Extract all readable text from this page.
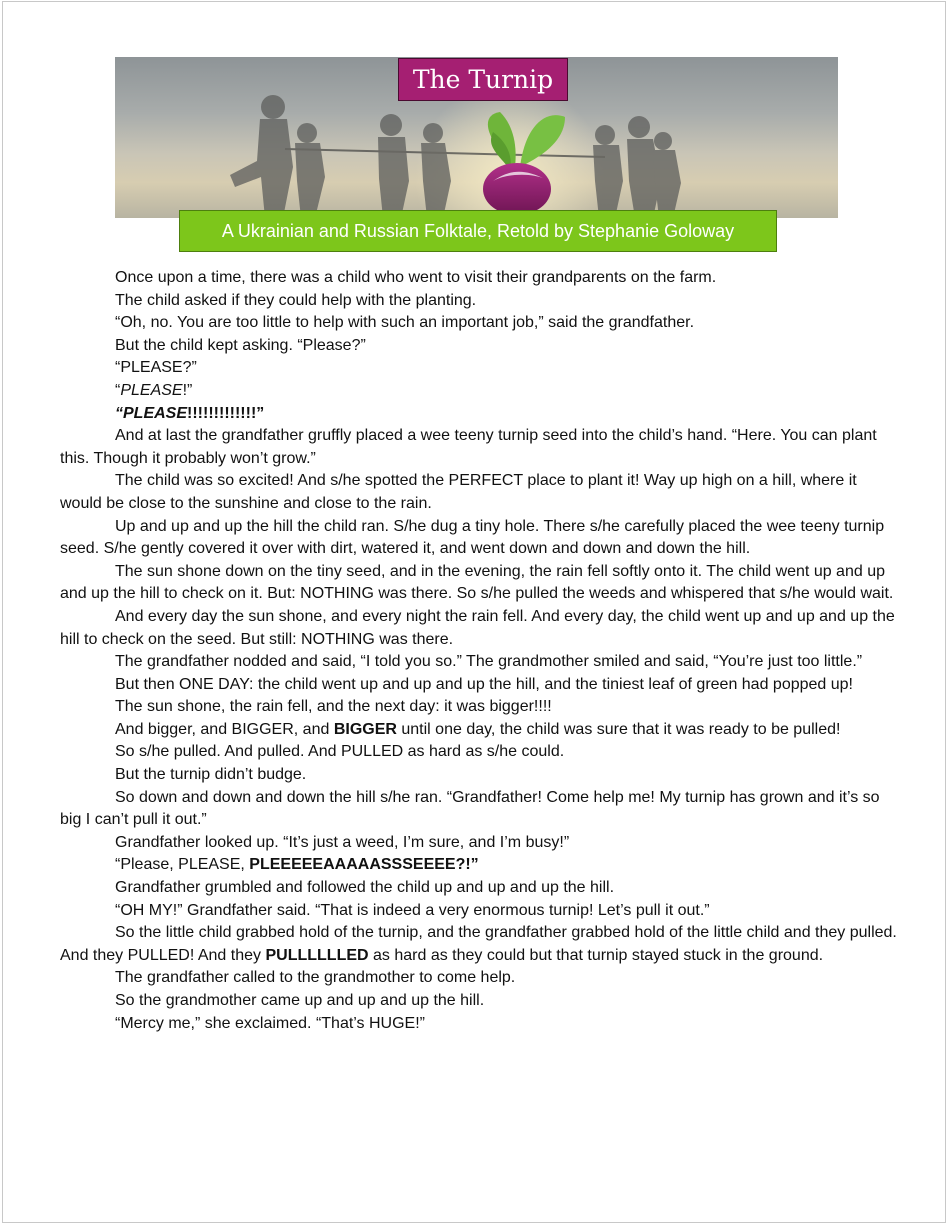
The Turnip
A Ukrainian and Russian Folktale, Retold by Stephanie Goloway

Once upon a time, there was a child who went to visit their grandparents on the farm.

The child asked if they could help with the planting.

“Oh, no. You are too little to help with such an important job,” said the grandfather.

But the child kept asking. “Please?”

“PLEASE?”

“PLEASE!”

“PLEASE!!!!!!!!!!!!!”

And at last the grandfather gruffly placed a wee teeny turnip seed into the child’s hand. “Here. You can plant this. Though it probably won’t grow.”

The child was so excited! And s/he spotted the PERFECT place to plant it! Way up high on a hill, where it would be close to the sunshine and close to the rain.

Up and up and up the hill the child ran. S/he dug a tiny hole. There s/he carefully placed the wee teeny turnip seed. S/he gently covered it over with dirt, watered it, and went down and down and down the hill.

The sun shone down on the tiny seed, and in the evening, the rain fell softly onto it. The child went up and up and up the hill to check on it. But: NOTHING was there. So s/he pulled the weeds and whispered that s/he would wait.

And every day the sun shone, and every night the rain fell. And every day, the child went up and up and up the hill to check on the seed. But still: NOTHING was there.

The grandfather nodded and said, “I told you so.” The grandmother smiled and said, “You’re just too little.”

But then ONE DAY: the child went up and up and up the hill, and the tiniest leaf of green had popped up!

The sun shone, the rain fell, and the next day: it was bigger!!!!

And bigger, and BIGGER, and BIGGER until one day, the child was sure that it was ready to be pulled!

So s/he pulled. And pulled. And PULLED as hard as s/he could.

But the turnip didn’t budge.

So down and down and down the hill s/he ran. “Grandfather! Come help me! My turnip has grown and it’s so big I can’t pull it out.”

Grandfather looked up. “It’s just a weed, I’m sure, and I’m busy!”

“Please, PLEASE, PLEEEEEAAAAASSSEEEE?!”

Grandfather grumbled and followed the child up and up and up the hill.

“OH MY!” Grandfather said. “That is indeed a very enormous turnip! Let’s pull it out.”

So the little child grabbed hold of the turnip, and the grandfather grabbed hold of the little child and they pulled. And they PULLED! And they PULLLLLLED as hard as they could but that turnip stayed stuck in the ground.

The grandfather called to the grandmother to come help.

So the grandmother came up and up and up the hill.

“Mercy me,” she exclaimed. “That’s HUGE!”
